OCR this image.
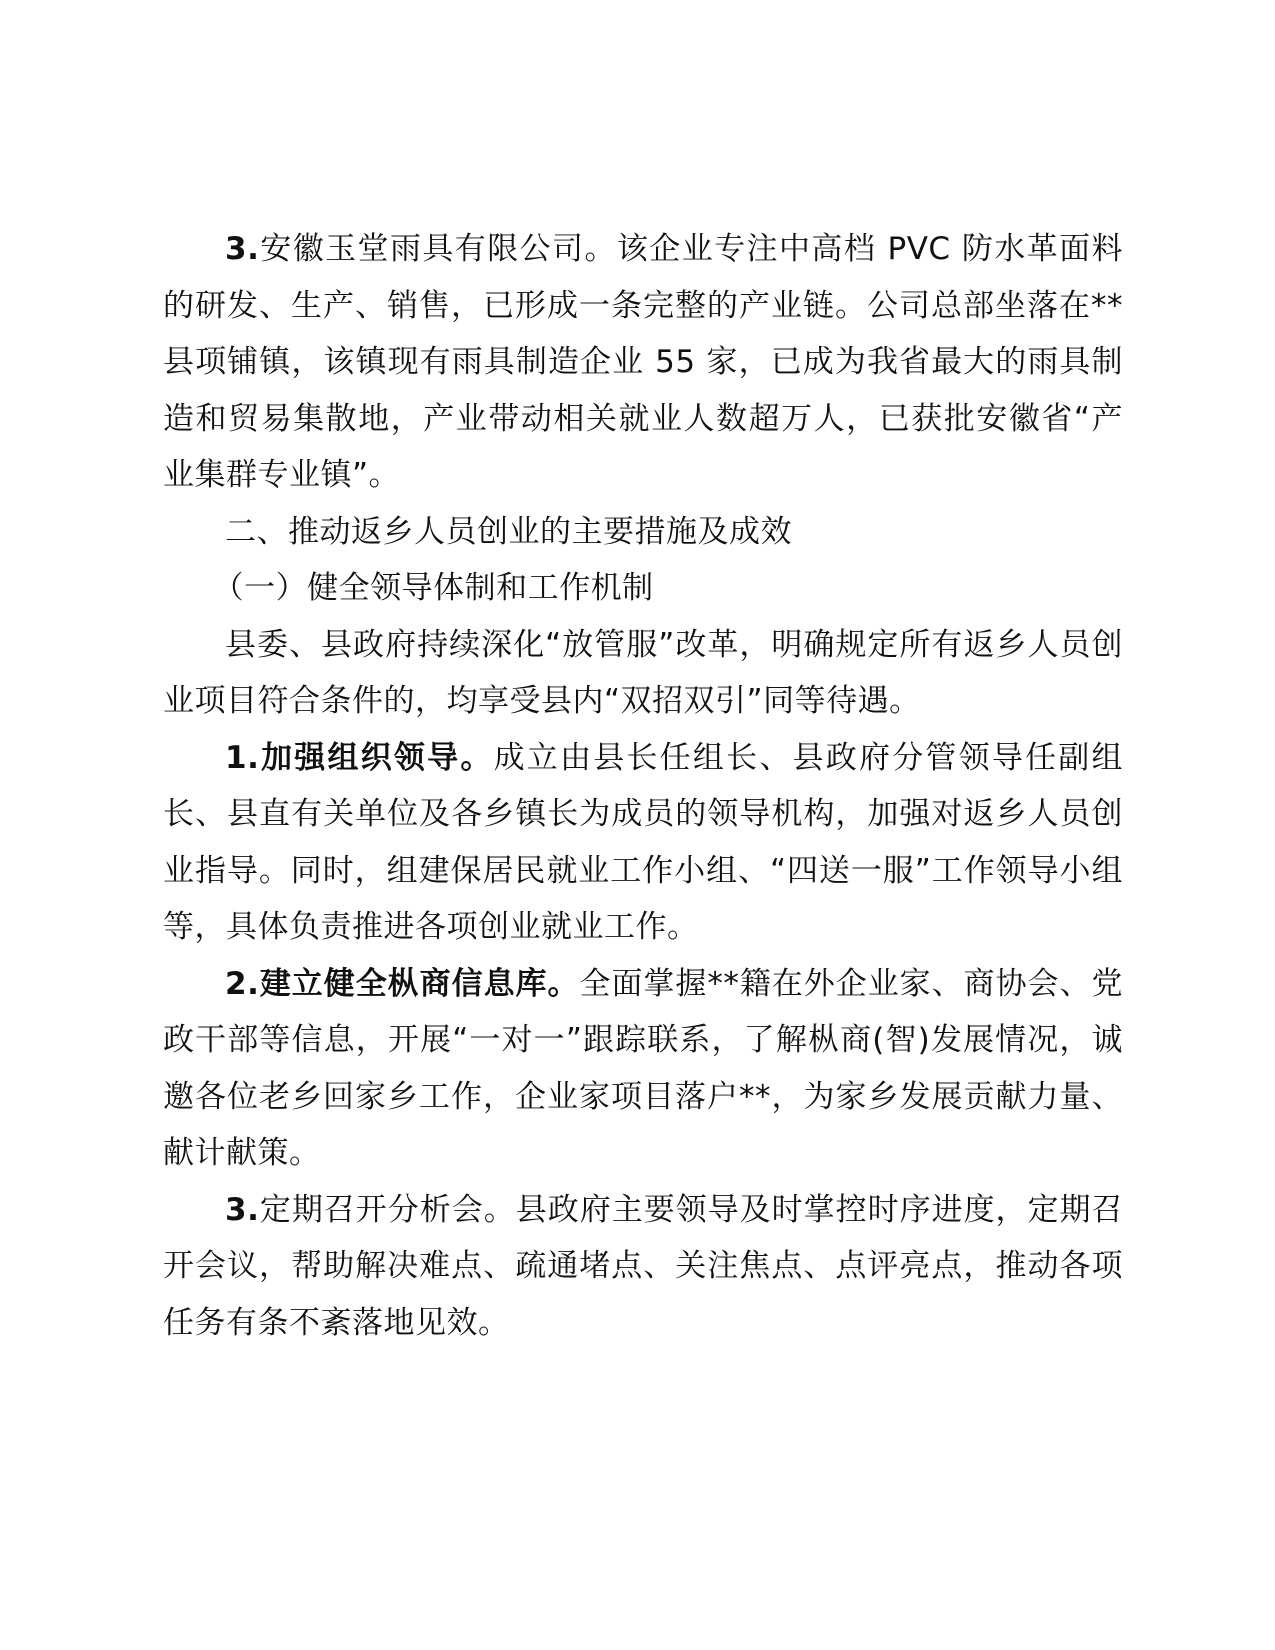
3.安徽玉堂雨具有限公司。该企业专注中高档 PVC 防水革面料的研发、生产、销售，已形成一条完整的产业链。公司总部坐落在**县项铺镇，该镇现有雨具制造企业 55 家，已成为我省最大的雨具制造和贸易集散地，产业带动相关就业人数超万人，已获批安徽省“产业集群专业镇”。

二、推动返乡人员创业的主要措施及成效

（一）健全领导体制和工作机制

县委、县政府持续深化“放管服”改革，明确规定所有返乡人员创业项目符合条件的，均享受县内“双招双引”同等待遇。

1.加强组织领导。成立由县长任组长、县政府分管领导任副组长、县直有关单位及各乡镇长为成员的领导机构，加强对返乡人员创业指导。同时，组建保居民就业工作小组、“四送一服”工作领导小组等，具体负责推进各项创业就业工作。

2.建立健全枞商信息库。全面掌握**籍在外企业家、商协会、党政干部等信息，开展“一对一”跟踪联系，了解枞商(智)发展情况，诚邀各位老乡回家乡工作，企业家项目落户**，为家乡发展贡献力量、献计献策。

3.定期召开分析会。县政府主要领导及时掌控时序进度，定期召开会议，帮助解决难点、疏通堵点、关注焦点、点评亮点，推动各项任务有条不紊落地见效。
